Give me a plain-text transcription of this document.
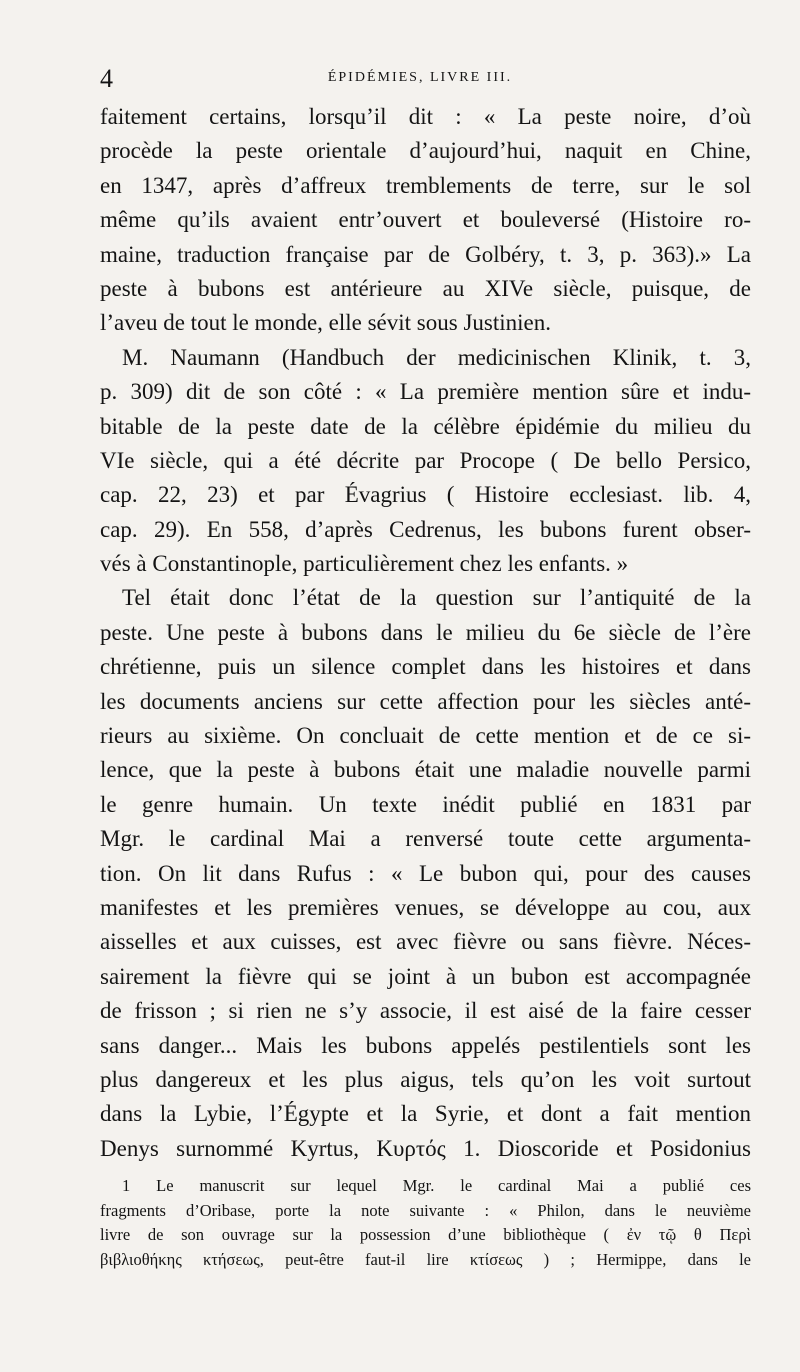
4	ÉPIDÉMIES, LIVRE III.
faitement certains, lorsqu’il dit : « La peste noire, d’où
procède la peste orientale d’aujourd’hui, naquit en Chine,
en 1347, après d’affreux tremblements de terre, sur le sol
même qu’ils avaient entr’ouvert et bouleversé (Histoire ro-
maine, traduction française par de Golbéry, t. 3, p. 363).» La
peste à bubons est antérieure au XIVe siècle, puisque, de
l’aveu de tout le monde, elle sévit sous Justinien.
M. Naumann (Handbuch der medicinischen Klinik, t. 3,
p. 309) dit de son côté : « La première mention sûre et indu-
bitable de la peste date de la célèbre épidémie du milieu du
VIe siècle, qui a été décrite par Procope ( De bello Persico,
cap. 22, 23) et par Évagrius ( Histoire ecclesiast. lib. 4,
cap. 29). En 558, d’après Cedrenus, les bubons furent obser-
vés à Constantinople, particulièrement chez les enfants. »
Tel était donc l’état de la question sur l’antiquité de la
peste. Une peste à bubons dans le milieu du 6e siècle de l’ère
chrétienne, puis un silence complet dans les histoires et dans
les documents anciens sur cette affection pour les siècles anté-
rieurs au sixième. On concluait de cette mention et de ce si-
lence, que la peste à bubons était une maladie nouvelle parmi
le genre humain. Un texte inédit publié en 1831 par
Mgr. le cardinal Mai a renversé toute cette argumenta-
tion. On lit dans Rufus : « Le bubon qui, pour des causes
manifestes et les premières venues, se développe au cou, aux
aisselles et aux cuisses, est avec fièvre ou sans fièvre. Néces-
sairement la fièvre qui se joint à un bubon est accompagnée
de frisson ; si rien ne s’y associe, il est aisé de la faire cesser
sans danger... Mais les bubons appelés pestilentiels sont les
plus dangereux et les plus aigus, tels qu’on les voit surtout
dans la Lybie, l’Égypte et la Syrie, et dont a fait mention
Denys surnommé Kyrtus, Κυρτός 1. Dioscoride et Posidonius
1 Le manuscrit sur lequel Mgr. le cardinal Mai a publié ces
fragments d’Oribase, porte la note suivante : « Philon, dans le neuvième
livre de son ouvrage sur la possession d’une bibliothèque ( ἐν τῷ θ Περὶ
βιβλιοθήκης κτήσεως, peut-être faut-il lire κτίσεως ) ; Hermippe, dans le
